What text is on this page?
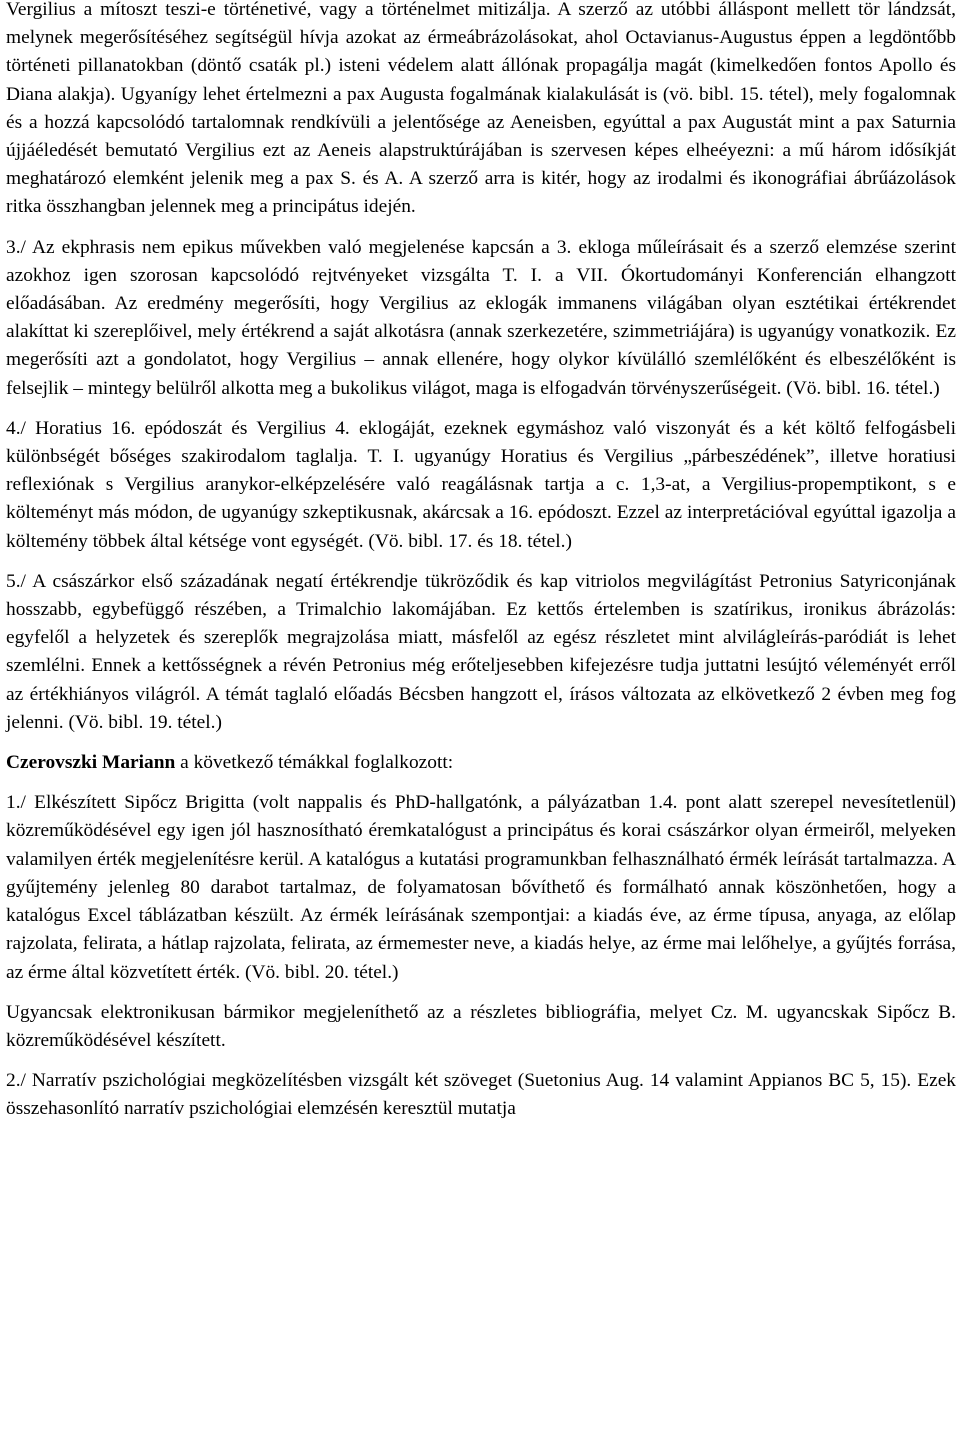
Vergilius a mítoszt teszi-e történetivé, vagy a történelmet mitizálja. A szerző az utóbbi álláspont mellett tör lándzsát, melynek megerősítéséhez segítségül hívja azokat az érmeábrázolásokat, ahol Octavianus-Augustus éppen a legdöntőbb történeti pillanatokban (döntő csaták pl.) isteni védelem alatt állónak propagálja magát (kimelkedően fontos Apollo és Diana alakja). Ugyanígy lehet értelmezni a pax Augusta fogalmának kialakulását is (vö. bibl. 15. tétel), mely fogalomnak és a hozzá kapcsolódó tartalomnak rendkívüli a jelentősége az Aeneisben, egyúttal a pax Augustát mint a pax Saturnia újjáéledését bemutató Vergilius ezt az Aeneis alapstruktúrájában is szervesen képes elheéyezni: a mű három idősíkját meghatározó elemként jelenik meg a pax S. és A. A szerző arra is kitér, hogy az irodalmi és ikonográfiai ábrűázolások ritka összhangban jelennek meg a principátus idején.

3./ Az ekphrasis nem epikus művekben való megjelenése kapcsán a 3. ekloga műleírásait és a szerző elemzése szerint azokhoz igen szorosan kapcsolódó rejtvényeket vizsgálta T. I. a VII. Ókortudományi Konferencián elhangzott előadásában. Az eredmény megerősíti, hogy Vergilius az eklogák immanens világában olyan esztétikai értékrendet alakíttat ki szereplőivel, mely értékrend a saját alkotásra (annak szerkezetére, szimmetriájára) is ugyanúgy vonatkozik. Ez megerősíti azt a gondolatot, hogy Vergilius – annak ellenére, hogy olykor kívülálló szemlélőként és elbeszélőként is felsejlik – mintegy belülről alkotta meg a bukolikus világot, maga is elfogadván törvényszerűségeit. (Vö. bibl. 16. tétel.)

4./ Horatius 16. epódoszát és Vergilius 4. eklogáját, ezeknek egymáshoz való viszonyát és a két költő felfogásbeli különbségét bőséges szakirodalom taglalja. T. I. ugyanúgy Horatius és Vergilius „párbeszédének”, illetve horatiusi reflexiónak s Vergilius aranykor-elképzelésére való reagálásnak tartja a c. 1,3-at, a Vergilius-propemptikont, s e költeményt más módon, de ugyanúgy szkeptikusnak, akárcsak a 16. epódoszt. Ezzel az interpretációval egyúttal igazolja a költemény többek által kétsége vont egységét. (Vö. bibl. 17. és 18. tétel.)

5./ A császárkor első századának negatí értékrendje tükröződik és kap vitriolos megvilágítást Petronius Satyriconjának hosszabb, egybefüggő részében, a Trimalchio lakomájában. Ez kettős értelemben is szatírikus, ironikus ábrázolás: egyfelől a helyzetek és szereplők megrajzolása miatt, másfelől az egész részletet mint alvilágleírás-paródiát is lehet szemlélni. Ennek a kettősségnek a révén Petronius még erőteljesebben kifejezésre tudja juttatni lesújtó véleményét erről az értékhiányos világról. A témát taglaló előadás Bécsben hangzott el, írásos változata az elkövetkező 2 évben meg fog jelenni. (Vö. bibl. 19. tétel.)

Czerovszki Mariann a következő témákkal foglalkozott:

1./ Elkészített Sipőcz Brigitta (volt nappalis és PhD-hallgatónk, a pályázatban 1.4. pont alatt szerepel nevesítetlenül) közreműködésével egy igen jól hasznosítható éremkatalógust a principátus és korai császárkor olyan érmeiről, melyeken valamilyen érték megjelenítésre kerül. A katalógus a kutatási programunkban felhasználható érmék leírását tartalmazza. A gyűjtemény jelenleg 80 darabot tartalmaz, de folyamatosan bővíthető és formálható annak köszönhetően, hogy a katalógus Excel táblázatban készült. Az érmék leírásának szempontjai: a kiadás éve, az érme típusa, anyaga, az előlap rajzolata, felirata, a hátlap rajzolata, felirata, az érmemester neve, a kiadás helye, az érme mai lelőhelye, a gyűjtés forrása, az érme által közvetített érték. (Vö. bibl. 20. tétel.)

Ugyancsak elektronikusan bármikor megjeleníthető az a részletes bibliográfia, melyet Cz. M. ugyancskak Sipőcz B. közreműködésével készített.

2./ Narratív pszichológiai megközelítésben vizsgált két szöveget (Suetonius Aug. 14 valamint Appianos BC 5, 15). Ezek összehasonlító narratív pszichológiai elemzésén keresztül mutatja
